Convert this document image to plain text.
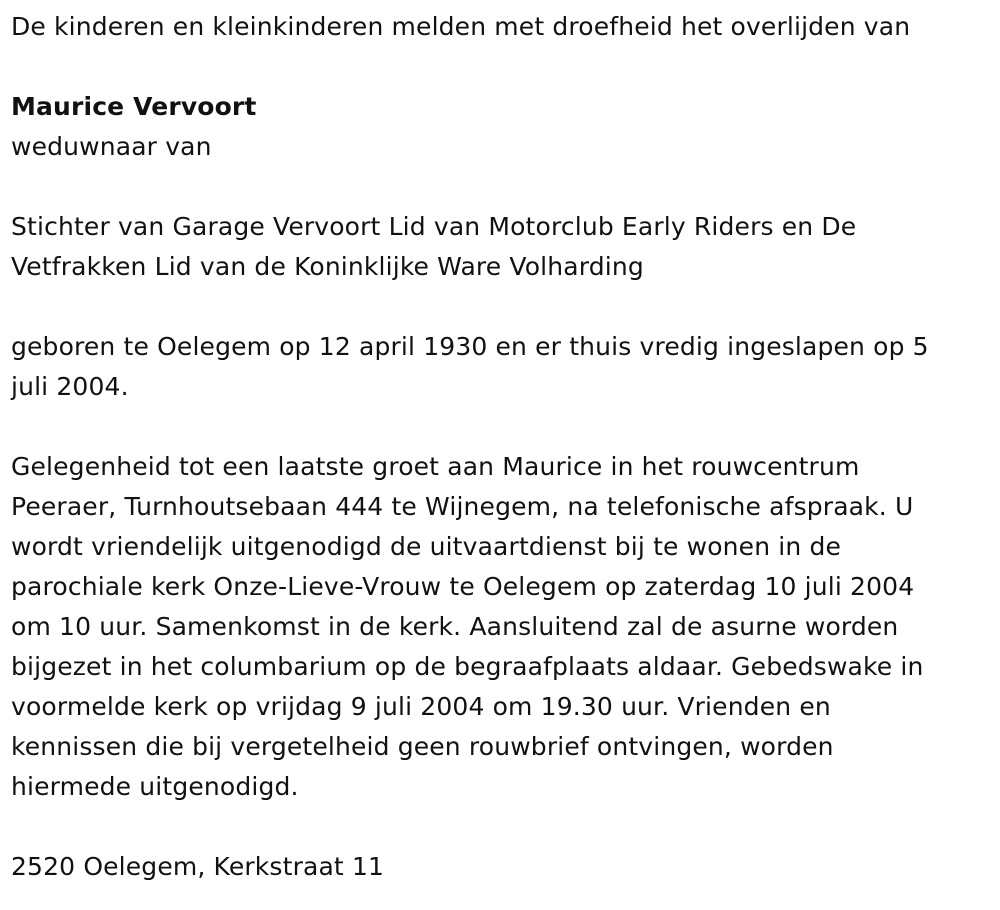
De kinderen en kleinkinderen melden met droefheid het overlijden van
Maurice Vervoort
weduwnaar van
Stichter van Garage Vervoort Lid van Motorclub Early Riders en De
Vetfrakken Lid van de Koninklijke Ware Volharding
geboren te Oelegem op 12 april 1930 en er thuis vredig ingeslapen op 5
juli 2004.
Gelegenheid tot een laatste groet aan Maurice in het rouwcentrum
Peeraer, Turnhoutsebaan 444 te Wijnegem, na telefonische afspraak. U
wordt vriendelijk uitgenodigd de uitvaartdienst bij te wonen in de
parochiale kerk Onze-Lieve-Vrouw te Oelegem op zaterdag 10 juli 2004
om 10 uur. Samenkomst in de kerk. Aansluitend zal de asurne worden
bijgezet in het columbarium op de begraafplaats aldaar. Gebedswake in
voormelde kerk op vrijdag 9 juli 2004 om 19.30 uur. Vrienden en
kennissen die bij vergetelheid geen rouwbrief ontvingen, worden
hiermede uitgenodigd.
2520 Oelegem, Kerkstraat 11
